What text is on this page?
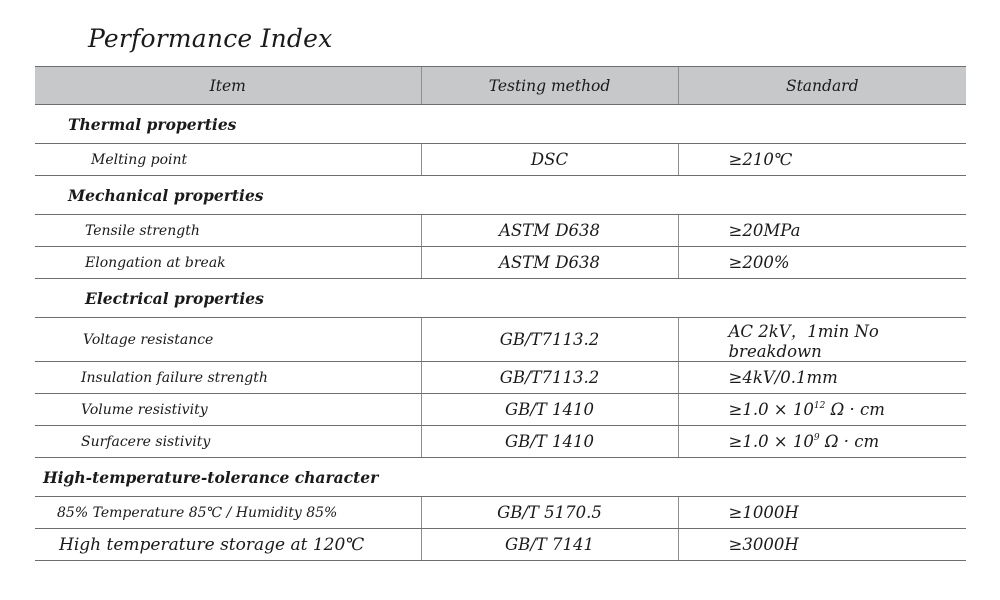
Performance Index
Item	Testing method	Standard
Thermal properties		
Melting point	DSC	≥210℃
Mechanical properties		
Tensile strength	ASTM D638	≥20MPa
Elongation at break	ASTM D638	≥200%
Electrical properties		
Voltage resistance	GB/T7113.2	AC 2kV，1min No breakdown
Insulation failure strength	GB/T7113.2	≥4kV/0.1mm
Volume resistivity	GB/T 1410	$\ge 1.0 \times 10^{12}$ Ω · cm
Surfacere sistivity	GB/T 1410	$\ge 1.0 \times 10^9$ Ω · cm
High-temperature-tolerance character		
85% Temperature 85℃ / Humidity 85%	GB/T 5170.5	≥1000H
High temperature storage at 120℃	GB/T 7141	≥3000H
